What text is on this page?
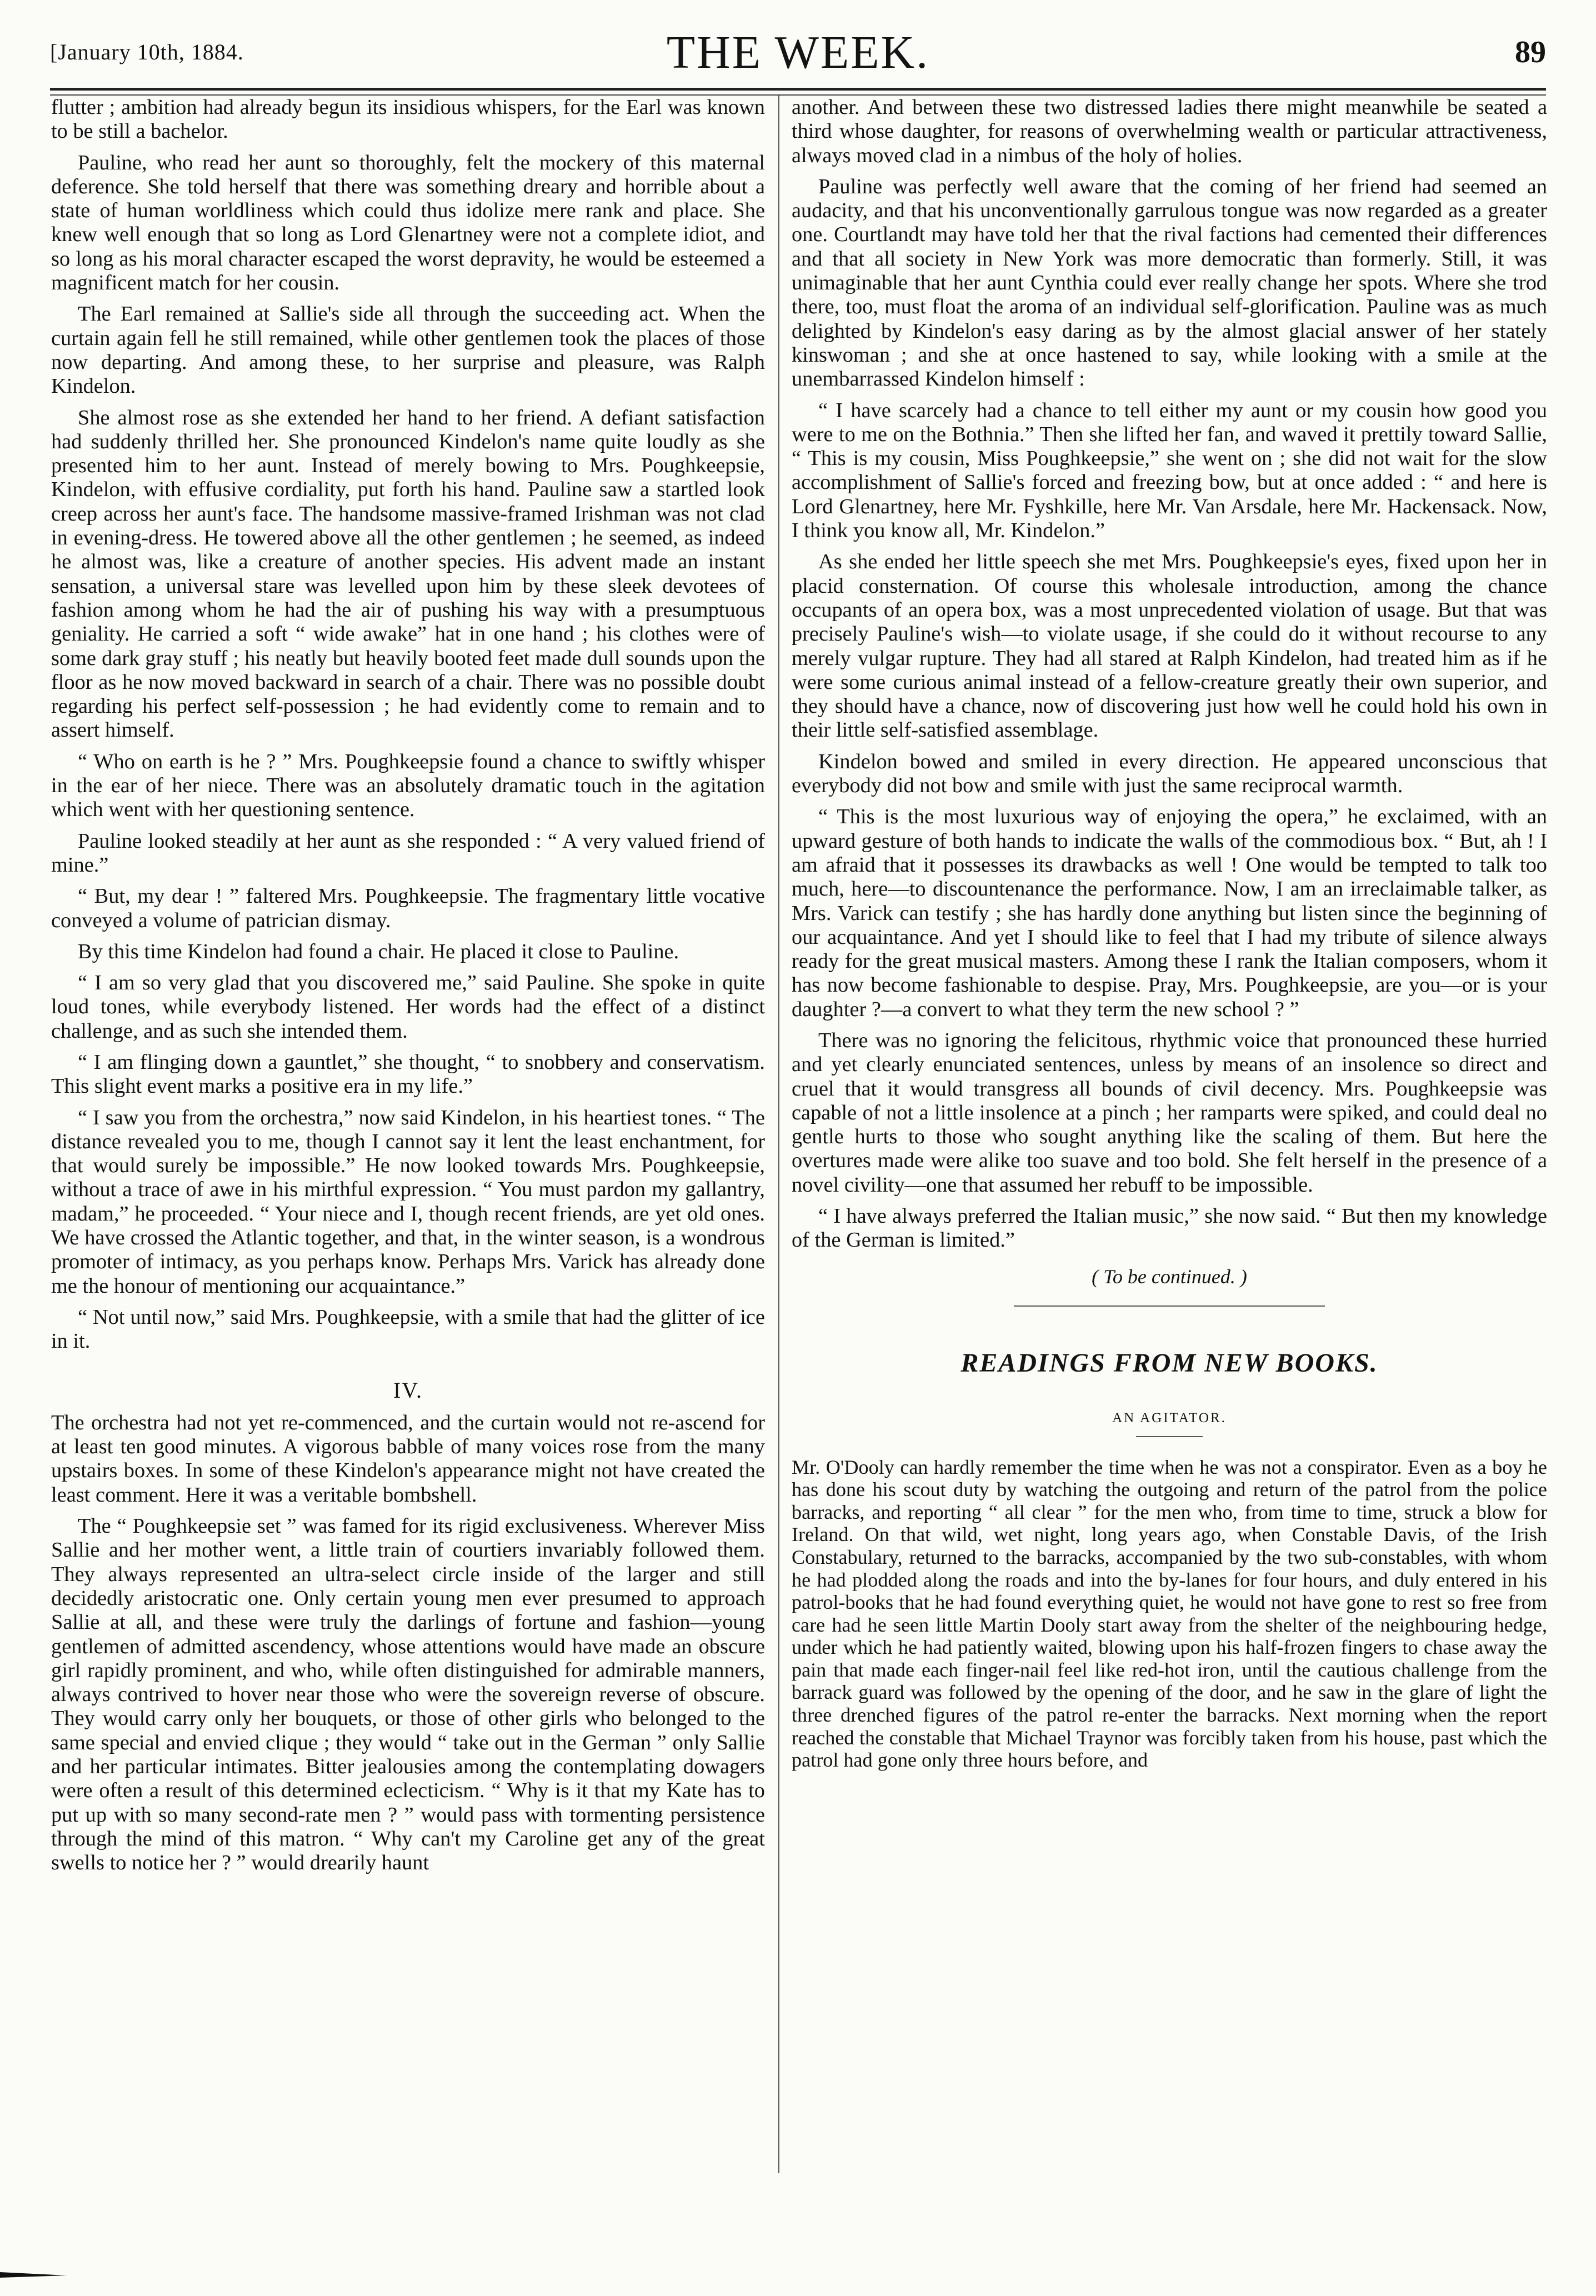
[January 10th, 1884.	THE WEEK.	89

flutter ; ambition had already begun its insidious whispers, for the Earl was known to be still a bachelor.

Pauline, who read her aunt so thoroughly, felt the mockery of this maternal deference. She told herself that there was something dreary and horrible about a state of human worldliness which could thus idolize mere rank and place. She knew well enough that so long as Lord Glenartney were not a complete idiot, and so long as his moral character escaped the worst depravity, he would be esteemed a magnificent match for her cousin.

The Earl remained at Sallie's side all through the succeeding act. When the curtain again fell he still remained, while other gentlemen took the places of those now departing. And among these, to her surprise and pleasure, was Ralph Kindelon.

She almost rose as she extended her hand to her friend. A defiant satisfaction had suddenly thrilled her. She pronounced Kindelon's name quite loudly as she presented him to her aunt. Instead of merely bowing to Mrs. Poughkeepsie, Kindelon, with effusive cordiality, put forth his hand. Pauline saw a startled look creep across her aunt's face. The handsome massive-framed Irishman was not clad in evening-dress. He towered above all the other gentlemen ; he seemed, as indeed he almost was, like a creature of another species. His advent made an instant sensation, a universal stare was levelled upon him by these sleek devotees of fashion among whom he had the air of pushing his way with a presumptuous geniality. He carried a soft “ wide awake” hat in one hand ; his clothes were of some dark gray stuff ; his neatly but heavily booted feet made dull sounds upon the floor as he now moved backward in search of a chair. There was no possible doubt regarding his perfect self-possession ; he had evidently come to remain and to assert himself.

“ Who on earth is he ? ” Mrs. Poughkeepsie found a chance to swiftly whisper in the ear of her niece. There was an absolutely dramatic touch in the agitation which went with her questioning sentence.

Pauline looked steadily at her aunt as she responded : “ A very valued friend of mine.”

“ But, my dear ! ” faltered Mrs. Poughkeepsie. The fragmentary little vocative conveyed a volume of patrician dismay.

By this time Kindelon had found a chair. He placed it close to Pauline.

“ I am so very glad that you discovered me,” said Pauline. She spoke in quite loud tones, while everybody listened. Her words had the effect of a distinct challenge, and as such she intended them.

“ I am flinging down a gauntlet,” she thought, “ to snobbery and conservatism. This slight event marks a positive era in my life.”

“ I saw you from the orchestra,” now said Kindelon, in his heartiest tones. “ The distance revealed you to me, though I cannot say it lent the least enchantment, for that would surely be impossible.” He now looked towards Mrs. Poughkeepsie, without a trace of awe in his mirthful expression. “ You must pardon my gallantry, madam,” he proceeded. “ Your niece and I, though recent friends, are yet old ones. We have crossed the Atlantic together, and that, in the winter season, is a wondrous promoter of intimacy, as you perhaps know. Perhaps Mrs. Varick has already done me the honour of mentioning our acquaintance.”

“ Not until now,” said Mrs. Poughkeepsie, with a smile that had the glitter of ice in it.

IV.

The orchestra had not yet re-commenced, and the curtain would not re-ascend for at least ten good minutes. A vigorous babble of many voices rose from the many upstairs boxes. In some of these Kindelon's appearance might not have created the least comment. Here it was a veritable bombshell.

The “ Poughkeepsie set ” was famed for its rigid exclusiveness. Wherever Miss Sallie and her mother went, a little train of courtiers invariably followed them. They always represented an ultra-select circle inside of the larger and still decidedly aristocratic one. Only certain young men ever presumed to approach Sallie at all, and these were truly the darlings of fortune and fashion—young gentlemen of admitted ascendency, whose attentions would have made an obscure girl rapidly prominent, and who, while often distinguished for admirable manners, always contrived to hover near those who were the sovereign reverse of obscure. They would carry only her bouquets, or those of other girls who belonged to the same special and envied clique ; they would “ take out in the German ” only Sallie and her particular intimates. Bitter jealousies among the contemplating dowagers were often a result of this determined eclecticism. “ Why is it that my Kate has to put up with so many second-rate men ? ” would pass with tormenting persistence through the mind of this matron. “ Why can't my Caroline get any of the great swells to notice her ? ” would drearily haunt

another. And between these two distressed ladies there might meanwhile be seated a third whose daughter, for reasons of overwhelming wealth or particular attractiveness, always moved clad in a nimbus of the holy of holies.

Pauline was perfectly well aware that the coming of her friend had seemed an audacity, and that his unconventionally garrulous tongue was now regarded as a greater one. Courtlandt may have told her that the rival factions had cemented their differences and that all society in New York was more democratic than formerly. Still, it was unimaginable that her aunt Cynthia could ever really change her spots. Where she trod there, too, must float the aroma of an individual self-glorification. Pauline was as much delighted by Kindelon's easy daring as by the almost glacial answer of her stately kinswoman ; and she at once hastened to say, while looking with a smile at the unembarrassed Kindelon himself :

“ I have scarcely had a chance to tell either my aunt or my cousin how good you were to me on the Bothnia.” Then she lifted her fan, and waved it prettily toward Sallie, “ This is my cousin, Miss Poughkeepsie,” she went on ; she did not wait for the slow accomplishment of Sallie's forced and freezing bow, but at once added : “ and here is Lord Glenartney, here Mr. Fyshkille, here Mr. Van Arsdale, here Mr. Hackensack. Now, I think you know all, Mr. Kindelon.”

As she ended her little speech she met Mrs. Poughkeepsie's eyes, fixed upon her in placid consternation. Of course this wholesale introduction, among the chance occupants of an opera box, was a most unprecedented violation of usage. But that was precisely Pauline's wish—to violate usage, if she could do it without recourse to any merely vulgar rupture. They had all stared at Ralph Kindelon, had treated him as if he were some curious animal instead of a fellow-creature greatly their own superior, and they should have a chance, now of discovering just how well he could hold his own in their little self-satisfied assemblage.

Kindelon bowed and smiled in every direction. He appeared unconscious that everybody did not bow and smile with just the same reciprocal warmth.

“ This is the most luxurious way of enjoying the opera,” he exclaimed, with an upward gesture of both hands to indicate the walls of the commodious box. “ But, ah ! I am afraid that it possesses its drawbacks as well ! One would be tempted to talk too much, here—to discountenance the performance. Now, I am an irreclaimable talker, as Mrs. Varick can testify ; she has hardly done anything but listen since the beginning of our acquaintance. And yet I should like to feel that I had my tribute of silence always ready for the great musical masters. Among these I rank the Italian composers, whom it has now become fashionable to despise. Pray, Mrs. Poughkeepsie, are you—or is your daughter ?—a convert to what they term the new school ? ”

There was no ignoring the felicitous, rhythmic voice that pronounced these hurried and yet clearly enunciated sentences, unless by means of an insolence so direct and cruel that it would transgress all bounds of civil decency. Mrs. Poughkeepsie was capable of not a little insolence at a pinch ; her ramparts were spiked, and could deal no gentle hurts to those who sought anything like the scaling of them. But here the overtures made were alike too suave and too bold. She felt herself in the presence of a novel civility—one that assumed her rebuff to be impossible.

“ I have always preferred the Italian music,” she now said. “ But then my knowledge of the German is limited.”

( To be continued. )
READINGS FROM NEW BOOKS.
AN AGITATOR.

Mr. O'Dooly can hardly remember the time when he was not a conspirator. Even as a boy he has done his scout duty by watching the outgoing and return of the patrol from the police barracks, and reporting “ all clear ” for the men who, from time to time, struck a blow for Ireland. On that wild, wet night, long years ago, when Constable Davis, of the Irish Constabulary, returned to the barracks, accompanied by the two sub-constables, with whom he had plodded along the roads and into the by-lanes for four hours, and duly entered in his patrol-books that he had found everything quiet, he would not have gone to rest so free from care had he seen little Martin Dooly start away from the shelter of the neighbouring hedge, under which he had patiently waited, blowing upon his half-frozen fingers to chase away the pain that made each finger-nail feel like red-hot iron, until the cautious challenge from the barrack guard was followed by the opening of the door, and he saw in the glare of light the three drenched figures of the patrol re-enter the barracks. Next morning when the report reached the constable that Michael Traynor was forcibly taken from his house, past which the patrol had gone only three hours before, and
